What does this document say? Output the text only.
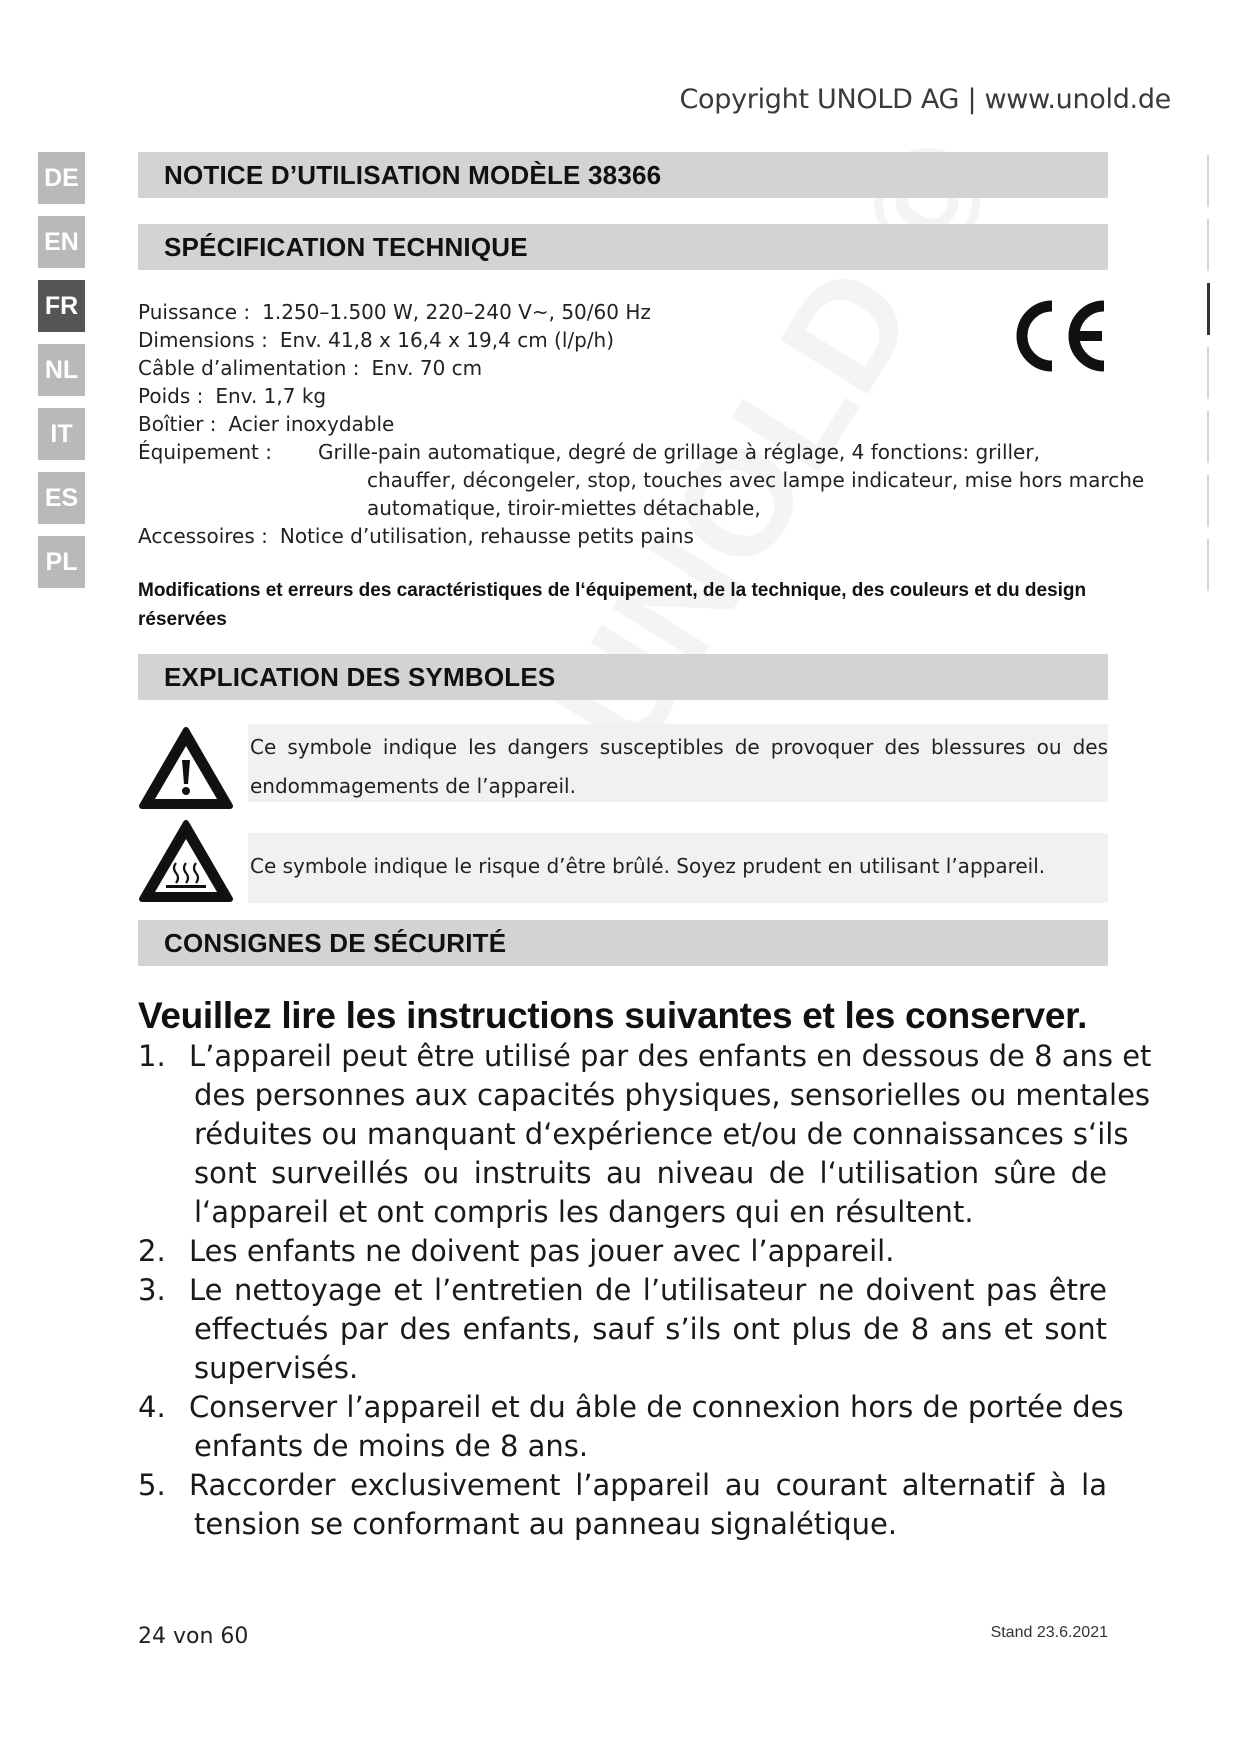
Copyright UNOLD AG | www.unold.de
DE
EN
FR
NL
IT
ES
PL
NOTICE D’UTILISATION MODÈLE 38366
SPÉCIFICATION TECHNIQUE
Puissance : 1.250–1.500 W, 220–240 V~, 50/60 Hz
Dimensions : Env. 41,8 x 16,4 x 19,4 cm (l/p/h)
Câble d’alimentation : Env. 70 cm
Poids : Env. 1,7 kg
Boîtier : Acier inoxydable
Équipement : Grille-pain automatique, degré de grillage à réglage, 4 fonctions: griller,
chauffer, décongeler, stop, touches avec lampe indicateur, mise hors marche
automatique, tiroir-miettes détachable,
Accessoires : Notice d’utilisation, rehausse petits pains
Modifications et erreurs des caractéristiques de l‘équipement, de la technique, des couleurs et du design réservées
EXPLICATION DES SYMBOLES
Ce symbole indique les dangers susceptibles de provoquer des blessures ou des
endommagements de l’appareil.
Ce symbole indique le risque d’être brûlé. Soyez prudent en utilisant l’appareil.
CONSIGNES DE SÉCURITÉ
Veuillez lire les instructions suivantes et les conserver.
1. L’appareil peut être utilisé par des enfants en dessous de 8 ans et
des personnes aux capacités physiques, sensorielles ou mentales
réduites ou manquant d‘expérience et/ou de connaissances s‘ils
sont surveillés ou instruits au niveau de l‘utilisation sûre de
l‘appareil et ont compris les dangers qui en résultent.
2. Les enfants ne doivent pas jouer avec l’appareil.
3. Le nettoyage et l’entretien de l’utilisateur ne doivent pas être
effectués par des enfants, sauf s’ils ont plus de 8 ans et sont
supervisés.
4. Conserver l’appareil et du âble de connexion hors de portée des
enfants de moins de 8 ans.
5. Raccorder exclusivement l’appareil au courant alternatif à la
tension se conformant au panneau signalétique.
24 von 60	Stand 23.6.2021
